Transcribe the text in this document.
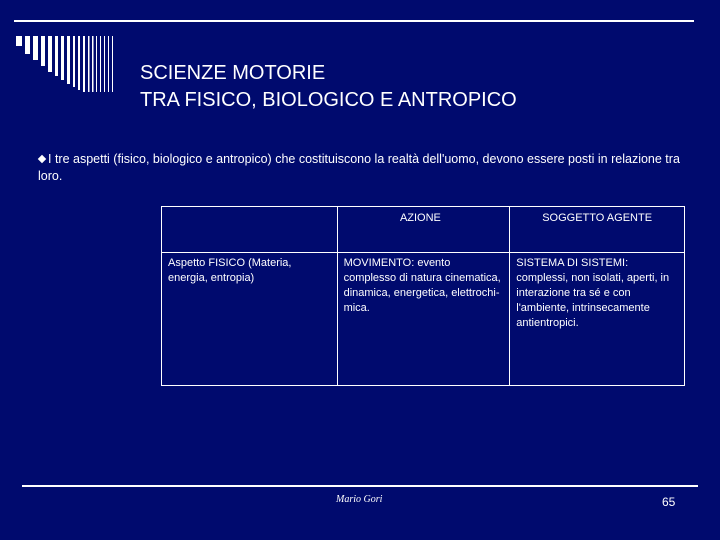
SCIENZE MOTORIE
TRA FISICO, BIOLOGICO E ANTROPICO
I tre aspetti (fisico, biologico e antropico) che costituiscono la realtà dell'uomo, devono essere posti in relazione tra loro.
	AZIONE	SOGGETTO AGENTE
Aspetto FISICO (Materia, energia, entropia)	MOVIMENTO: evento complesso di natura cinematica, dinamica, energetica, elettrochi-mica.	SISTEMA DI SISTEMI: complessi, non isolati, aperti, in interazione tra sé e con l'ambiente, intrinsecamente antientropici.
Mario Gori	65
